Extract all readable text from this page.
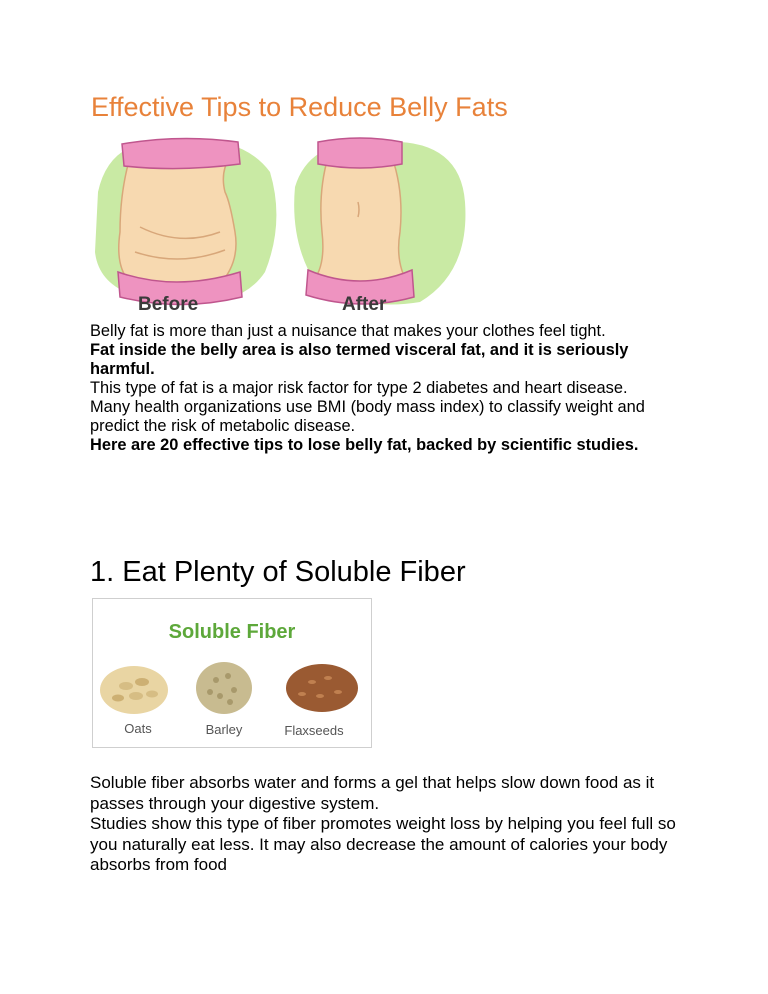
Effective Tips to Reduce Belly Fats
Before	After

Belly fat is more than just a nuisance that makes your clothes feel tight.

Fat inside the belly area is also termed visceral fat, and it is seriously harmful.

This type of fat is a major risk factor for type 2 diabetes and heart disease.

Many health organizations use BMI (body mass index) to classify weight and predict the risk of metabolic disease.

Here are 20 effective tips to lose belly fat, backed by scientific studies.

1. Eat Plenty of Soluble Fiber
Soluble Fiber
Oats	Barley	Flaxseeds

Soluble fiber absorbs water and forms a gel that helps slow down food as it passes through your digestive system.

Studies show this type of fiber promotes weight loss by helping you feel full so you naturally eat less. It may also decrease the amount of calories your body absorbs from food
